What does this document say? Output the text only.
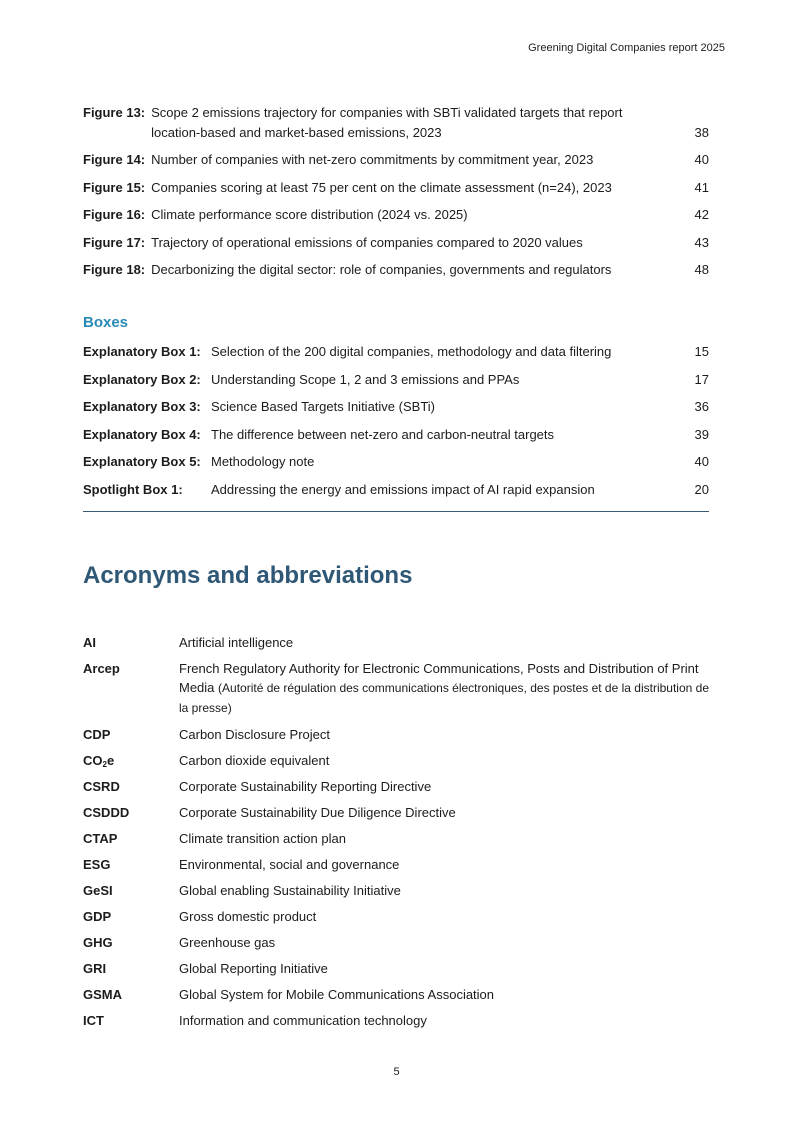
Greening Digital Companies report 2025
Figure 13: Scope 2 emissions trajectory for companies with SBTi validated targets that report location-based and market-based emissions, 2023	38
Figure 14: Number of companies with net-zero commitments by commitment year, 2023	40
Figure 15: Companies scoring at least 75 per cent on the climate assessment (n=24), 2023	41
Figure 16: Climate performance score distribution (2024 vs. 2025)	42
Figure 17: Trajectory of operational emissions of companies compared to 2020 values	43
Figure 18: Decarbonizing the digital sector: role of companies, governments and regulators	48
Boxes
Explanatory Box 1: Selection of the 200 digital companies, methodology and data filtering	15
Explanatory Box 2: Understanding Scope 1, 2 and 3 emissions and PPAs	17
Explanatory Box 3: Science Based Targets Initiative (SBTi)	36
Explanatory Box 4: The difference between net-zero and carbon-neutral targets	39
Explanatory Box 5: Methodology note	40
Spotlight Box 1:	Addressing the energy and emissions impact of AI rapid expansion	20
Acronyms and abbreviations
AI	Artificial intelligence
Arcep	French Regulatory Authority for Electronic Communications, Posts and Distribution of Print Media (Autorité de régulation des communications électroniques, des postes et de la distribution de la presse)
CDP	Carbon Disclosure Project
$CO_2e$	Carbon dioxide equivalent
CSRD	Corporate Sustainability Reporting Directive
CSDDD	Corporate Sustainability Due Diligence Directive
CTAP	Climate transition action plan
ESG	Environmental, social and governance
GeSI	Global enabling Sustainability Initiative
GDP	Gross domestic product
GHG	Greenhouse gas
GRI	Global Reporting Initiative
GSMA	Global System for Mobile Communications Association
ICT	Information and communication technology
5
